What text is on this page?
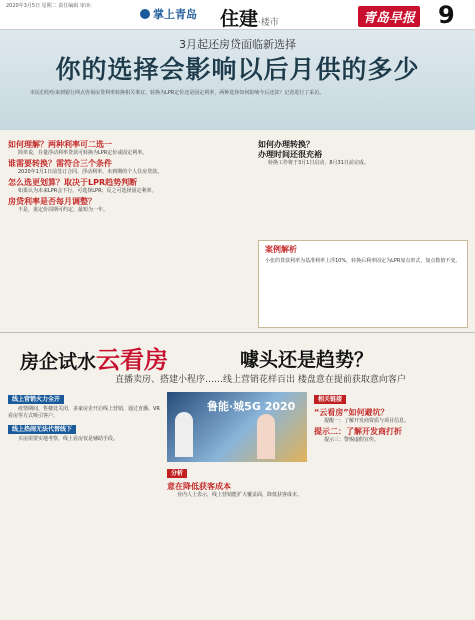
2020年3月5日 星期二 责任编辑 审读：
掌上青岛 住建·楼市	青岛早报 9
3月起还房贷面临新选择
你的选择会影响以后月供的多少
市民们纷纷来到银行网点咨询房贷利率转换相关事宜。转换为LPR定价还是固定利率，两种选择如何影响今后还款？记者进行了采访。
如何理解？两种利率可二选一
简单说，存量浮动利率贷款可转换为LPR定价或固定利率。
谁需要转换？需符合三个条件
2020年1月1日前签订合同、浮动利率、未到期的个人住房贷款。
怎么选更划算？取决于LPR趋势判断
如果认为未来LPR会下行，可选择LPR；反之可选择固定利率。
房贷利率是否每月调整？
不是，重定价周期可约定，最短为一年。
如何办理转换？
办理时间还很充裕
转换工作将于3月1日启动，8月31日前完成。
案例解析
小张的贷款利率为基准利率上浮10%，转换后利率固定为LPR加点形式，加点数值不变。
房企试水云看房	噱头还是趋势？
直播卖房、搭建小程序……线上营销花样百出 楼盘意在提前获取意向客户
线上营销火力全开
疫情期间，售楼处关闭，多家房企开启线上营销，通过直播、VR看房等方式吸引客户。
线上热闹无法代替线下
买房需要实地考察，线上看房仅是辅助手段。
鲁能·城5G 2020
分析
意在降低获客成本
业内人士表示，线上营销能扩大覆盖面，降低获客成本。
相关链接
“云看房”如何避坑？
提醒一：了解开发商资质与项目信息。
提示二：了解开发商打折
提示三：警惕虚假宣传。
